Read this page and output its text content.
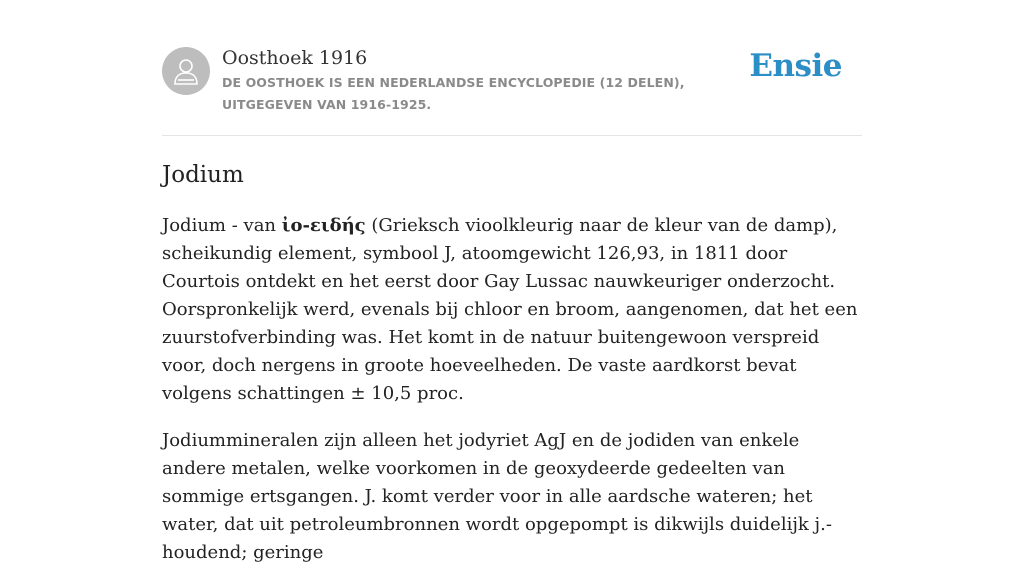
Oosthoek 1916
DE OOSTHOEK IS EEN NEDERLANDSE ENCYCLOPEDIE (12 DELEN), UITGEGEVEN VAN 1916-1925.
Ensie
Jodium

Jodium - van ἰο-ειδής (Grieksch vioolkleurig naar de kleur van de damp), scheikundig element, symbool J, atoomgewicht 126,93, in 1811 door Courtois ontdekt en het eerst door Gay Lussac nauwkeuriger onderzocht. Oorspronkelijk werd, evenals bij chloor en broom, aangenomen, dat het een zuurstofverbinding was. Het komt in de natuur buitengewoon verspreid voor, doch nergens in groote hoeveelheden. De vaste aardkorst bevat volgens schattingen ± 10,5 proc.

Jodiummineralen zijn alleen het jodyriet AgJ en de jodiden van enkele andere metalen, welke voorkomen in de geoxydeerde gedeelten van sommige ertsgangen. J. komt verder voor in alle aardsche wateren; het water, dat uit petroleumbronnen wordt opgepompt is dikwijls duidelijk j.-houdend; geringe
